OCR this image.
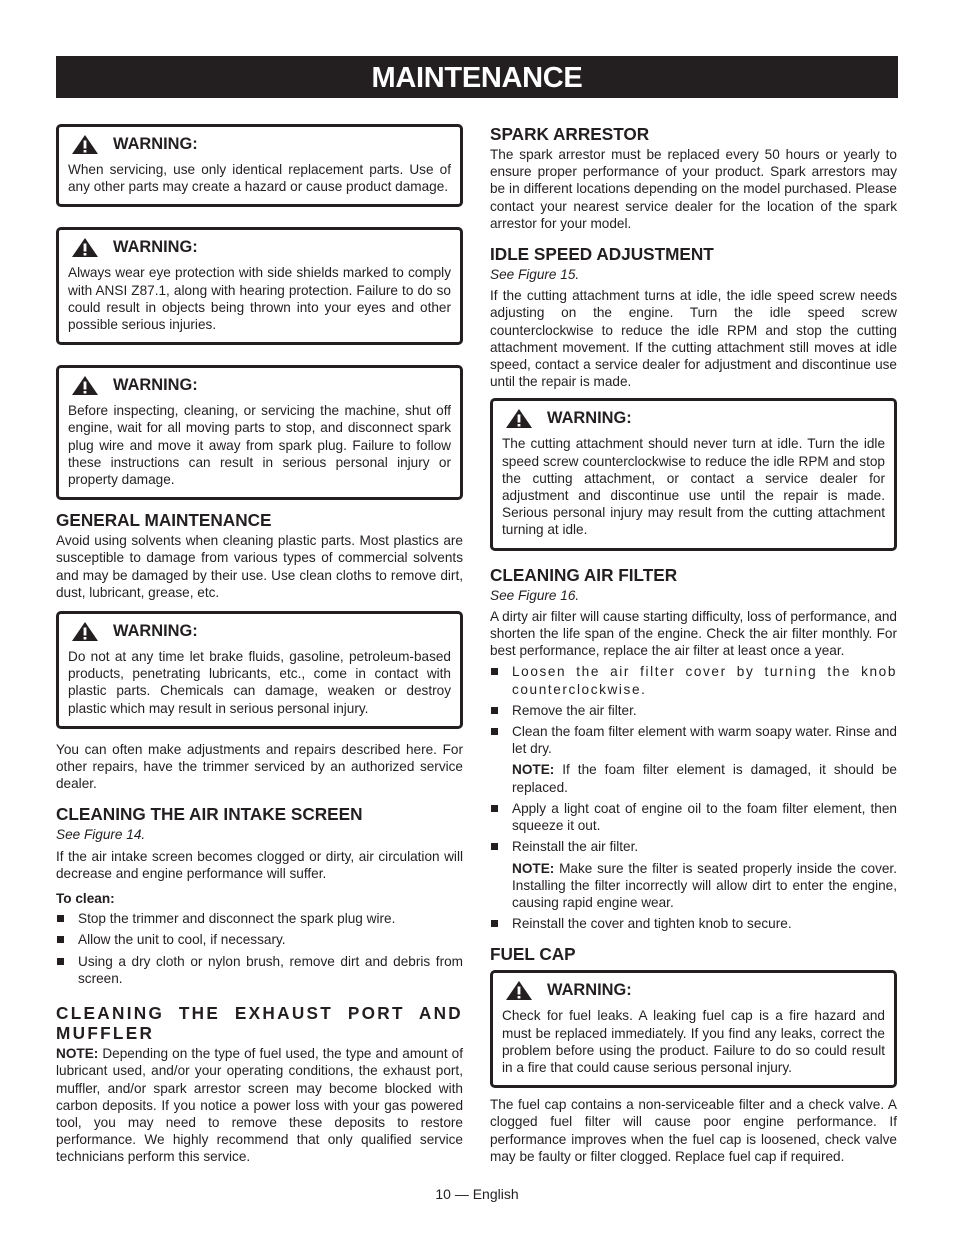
MAINTENANCE
WARNING:

When servicing, use only identical replacement parts. Use of any other parts may create a hazard or cause product damage.

WARNING:

Always wear eye protection with side shields marked to comply with ANSI Z87.1, along with hearing protection. Failure to do so could result in objects being thrown into your eyes and other possible serious injuries.

WARNING:

Before inspecting, cleaning, or servicing the machine, shut off engine, wait for all moving parts to stop, and disconnect spark plug wire and move it away from spark plug. Failure to follow these instructions can result in serious personal injury or property damage.

GENERAL MAINTENANCE

Avoid using solvents when cleaning plastic parts. Most plastics are susceptible to damage from various types of commercial solvents and may be damaged by their use. Use clean cloths to remove dirt, dust, lubricant, grease, etc.

WARNING:

Do not at any time let brake fluids, gasoline, petroleum-based products, penetrating lubricants, etc., come in contact with plastic parts. Chemicals can damage, weaken or destroy plastic which may result in serious personal injury.

You can often make adjustments and repairs described here. For other repairs, have the trimmer serviced by an authorized service dealer.

CLEANING THE AIR INTAKE SCREEN

See Figure 14.

If the air intake screen becomes clogged or dirty, air circulation will decrease and engine performance will suffer.

To clean:

Stop the trimmer and disconnect the spark plug wire.
Allow the unit to cool, if necessary.
Using a dry cloth or nylon brush, remove dirt and debris from screen.
CLEANING THE EXHAUST PORT AND MUFFLER

NOTE: Depending on the type of fuel used, the type and amount of lubricant used, and/or your operating conditions, the exhaust port, muffler, and/or spark arrestor screen may become blocked with carbon deposits. If you notice a power loss with your gas powered tool, you may need to remove these deposits to restore performance. We highly recommend that only qualified service technicians perform this service.

SPARK ARRESTOR

The spark arrestor must be replaced every 50 hours or yearly to ensure proper performance of your product. Spark arrestors may be in different locations depending on the model purchased. Please contact your nearest service dealer for the location of the spark arrestor for your model.

IDLE SPEED ADJUSTMENT

See Figure 15.

If the cutting attachment turns at idle, the idle speed screw needs adjusting on the engine. Turn the idle speed screw counterclockwise to reduce the idle RPM and stop the cutting attachment movement. If the cutting attachment still moves at idle speed, contact a service dealer for adjustment and discontinue use until the repair is made.

WARNING:

The cutting attachment should never turn at idle. Turn the idle speed screw counterclockwise to reduce the idle RPM and stop the cutting attachment, or contact a service dealer for adjustment and discontinue use until the repair is made. Serious personal injury may result from the cutting attachment turning at idle.

CLEANING AIR FILTER

See Figure 16.

A dirty air filter will cause starting difficulty, loss of performance, and shorten the life span of the engine. Check the air filter monthly. For best performance, replace the air filter at least once a year.

Loosen the air filter cover by turning the knob counterclockwise.
Remove the air filter.
Clean the foam filter element with warm soapy water. Rinse and let dry.
NOTE: If the foam filter element is damaged, it should be replaced.
Apply a light coat of engine oil to the foam filter element, then squeeze it out.
Reinstall the air filter.
NOTE: Make sure the filter is seated properly inside the cover. Installing the filter incorrectly will allow dirt to enter the engine, causing rapid engine wear.
Reinstall the cover and tighten knob to secure.
FUEL CAP
WARNING:

Check for fuel leaks. A leaking fuel cap is a fire hazard and must be replaced immediately. If you find any leaks, correct the problem before using the product. Failure to do so could result in a fire that could cause serious personal injury.

The fuel cap contains a non-serviceable filter and a check valve. A clogged fuel filter will cause poor engine performance. If performance improves when the fuel cap is loosened, check valve may be faulty or filter clogged. Replace fuel cap if required.

10 — English
